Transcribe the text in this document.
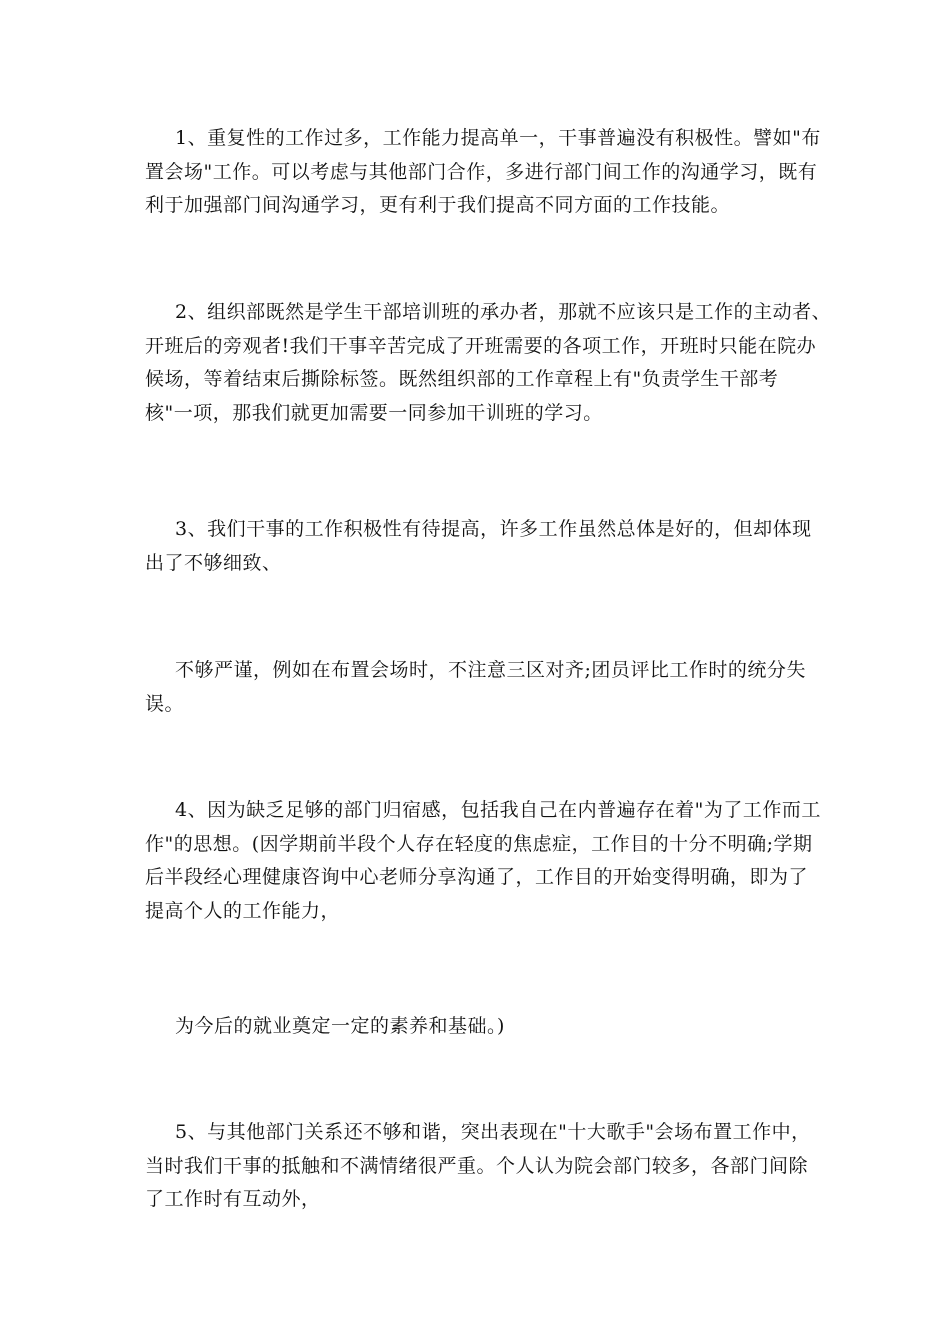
1、重复性的工作过多，工作能力提高单一，干事普遍没有积极性。譬如"布
置会场"工作。可以考虑与其他部门合作，多进行部门间工作的沟通学习，既有
利于加强部门间沟通学习，更有利于我们提高不同方面的工作技能。
2、组织部既然是学生干部培训班的承办者，那就不应该只是工作的主动者、
开班后的旁观者!我们干事辛苦完成了开班需要的各项工作，开班时只能在院办
候场，等着结束后撕除标签。既然组织部的工作章程上有"负责学生干部考
核"一项，那我们就更加需要一同参加干训班的学习。
3、我们干事的工作积极性有待提高，许多工作虽然总体是好的，但却体现
出了不够细致、
不够严谨，例如在布置会场时，不注意三区对齐;团员评比工作时的统分失
误。
4、因为缺乏足够的部门归宿感，包括我自己在内普遍存在着"为了工作而工
作"的思想。(因学期前半段个人存在轻度的焦虑症，工作目的十分不明确;学期
后半段经心理健康咨询中心老师分享沟通了，工作目的开始变得明确，即为了
提高个人的工作能力，
为今后的就业奠定一定的素养和基础。)
5、与其他部门关系还不够和谐，突出表现在"十大歌手"会场布置工作中，
当时我们干事的抵触和不满情绪很严重。个人认为院会部门较多，各部门间除
了工作时有互动外，
